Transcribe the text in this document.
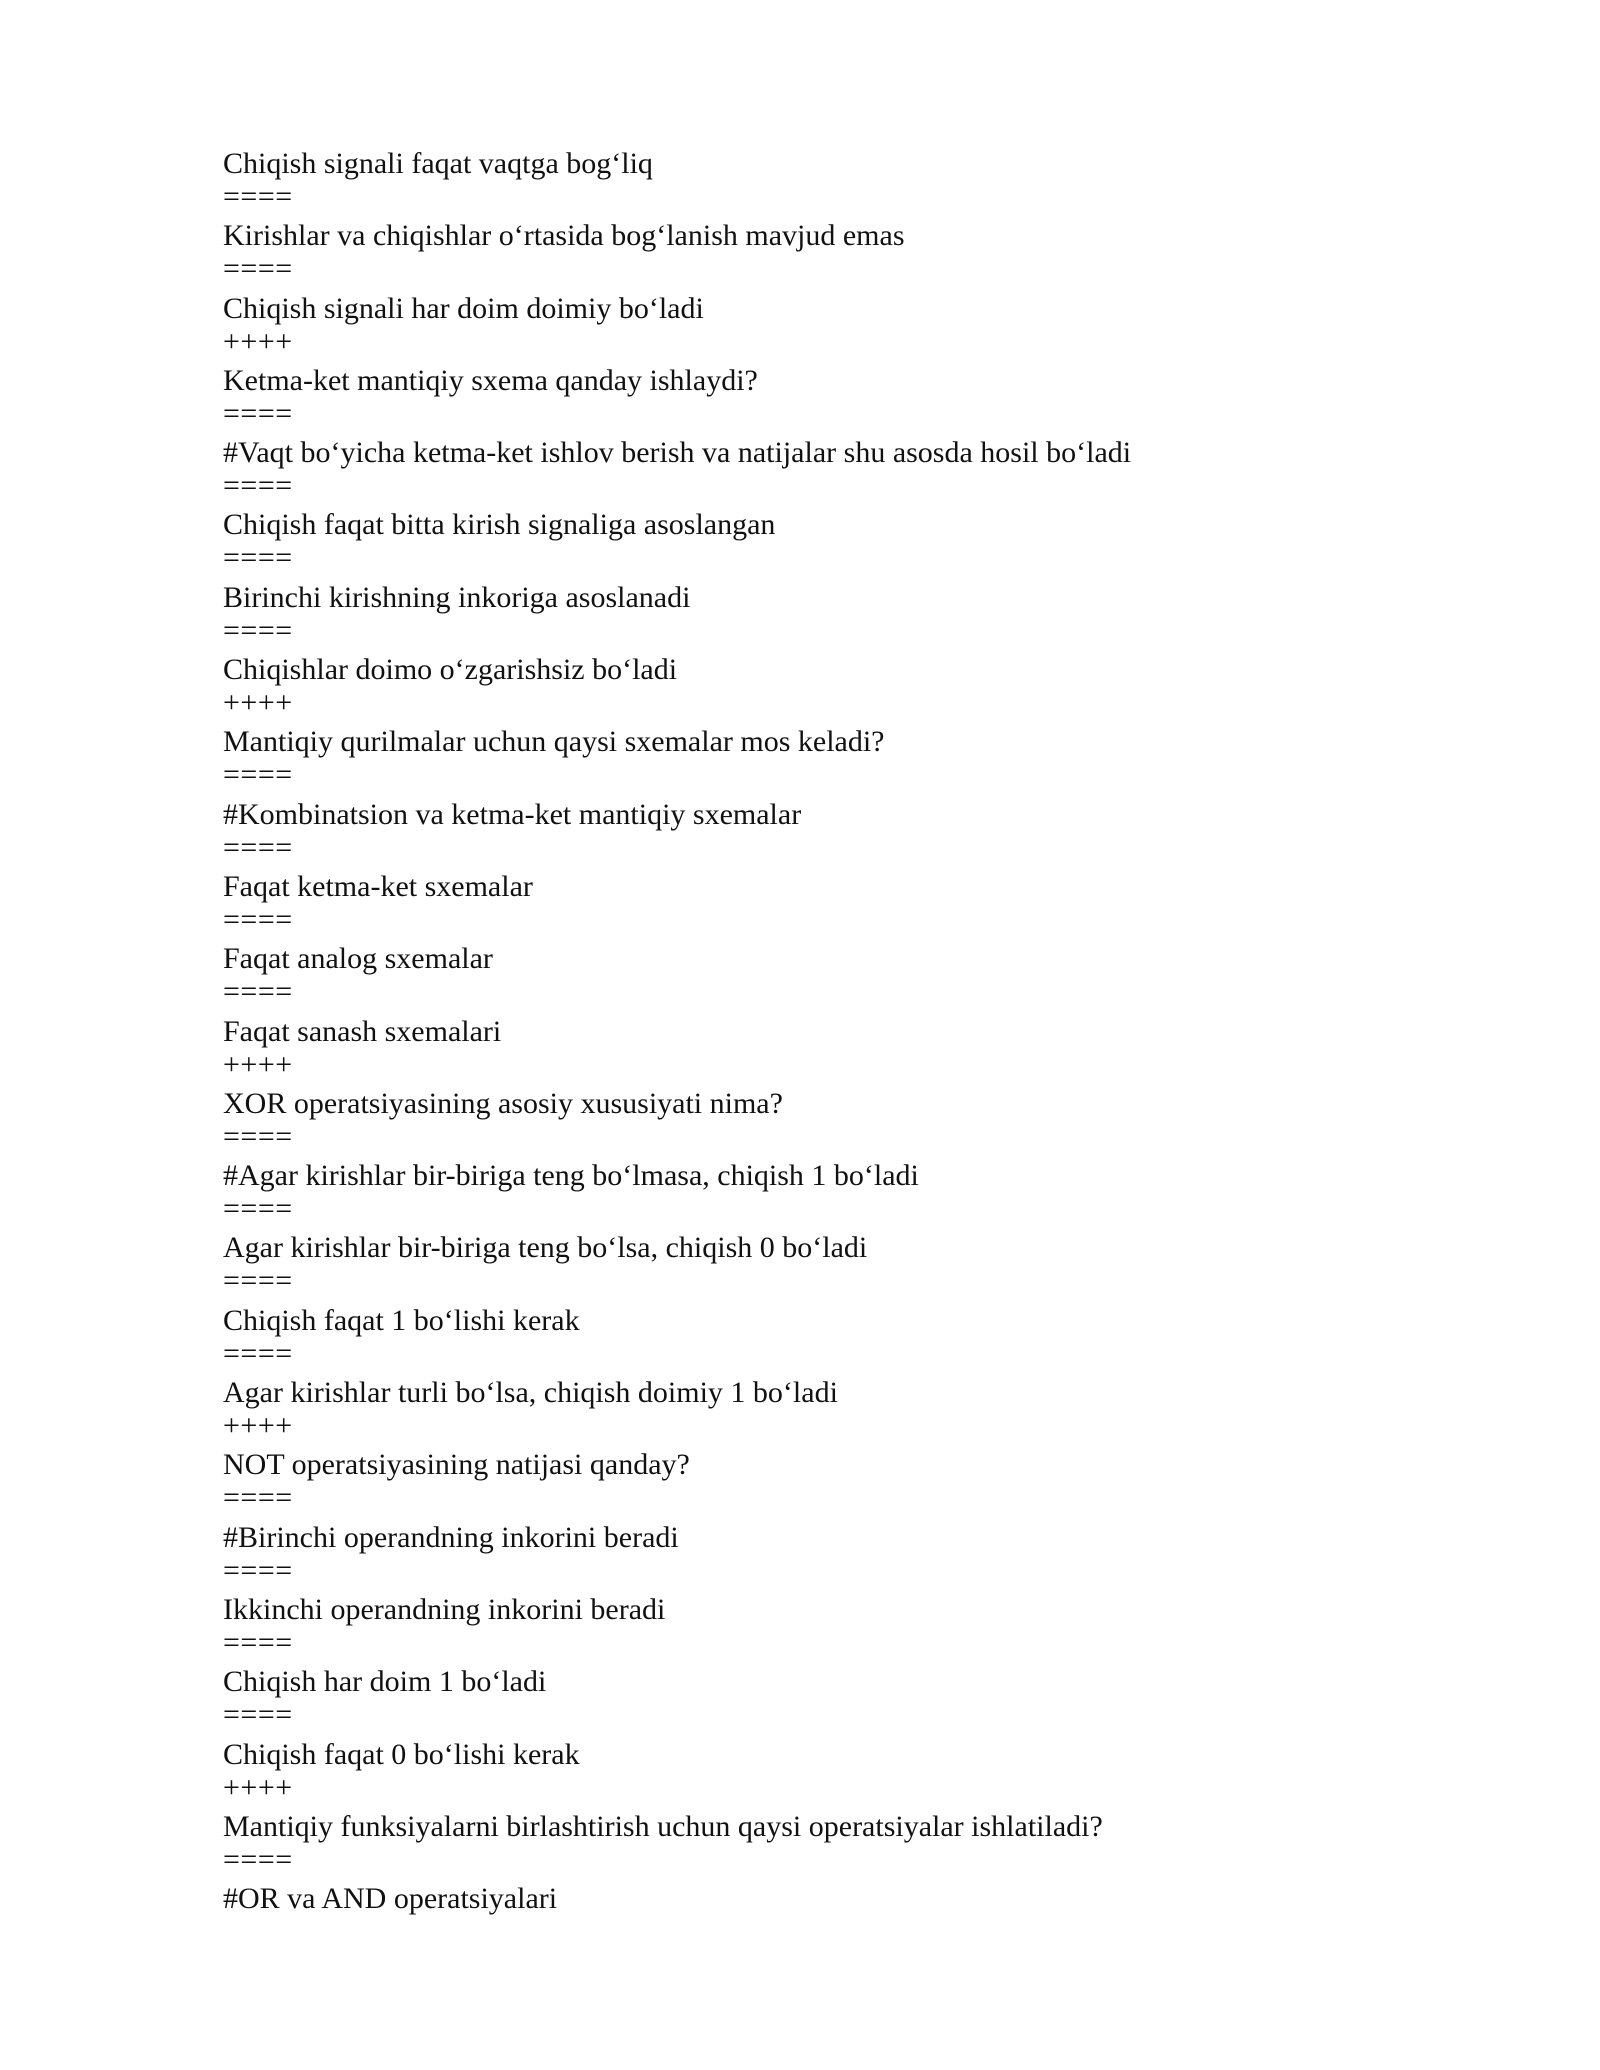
Chiqish signali faqat vaqtga bog‘liq
====
Kirishlar va chiqishlar o‘rtasida bog‘lanish mavjud emas
====
Chiqish signali har doim doimiy bo‘ladi
++++
Ketma-ket mantiqiy sxema qanday ishlaydi?
====
#Vaqt bo‘yicha ketma-ket ishlov berish va natijalar shu asosda hosil bo‘ladi
====
Chiqish faqat bitta kirish signaliga asoslangan
====
Birinchi kirishning inkoriga asoslanadi
====
Chiqishlar doimo o‘zgarishsiz bo‘ladi
++++
Mantiqiy qurilmalar uchun qaysi sxemalar mos keladi?
====
#Kombinatsion va ketma-ket mantiqiy sxemalar
====
Faqat ketma-ket sxemalar
====
Faqat analog sxemalar
====
Faqat sanash sxemalari
++++
XOR operatsiyasining asosiy xususiyati nima?
====
#Agar kirishlar bir-biriga teng bo‘lmasa, chiqish 1 bo‘ladi
====
Agar kirishlar bir-biriga teng bo‘lsa, chiqish 0 bo‘ladi
====
Chiqish faqat 1 bo‘lishi kerak
====
Agar kirishlar turli bo‘lsa, chiqish doimiy 1 bo‘ladi
++++
NOT operatsiyasining natijasi qanday?
====
#Birinchi operandning inkorini beradi
====
Ikkinchi operandning inkorini beradi
====
Chiqish har doim 1 bo‘ladi
====
Chiqish faqat 0 bo‘lishi kerak
++++
Mantiqiy funksiyalarni birlashtirish uchun qaysi operatsiyalar ishlatiladi?
====
#OR va AND operatsiyalari
